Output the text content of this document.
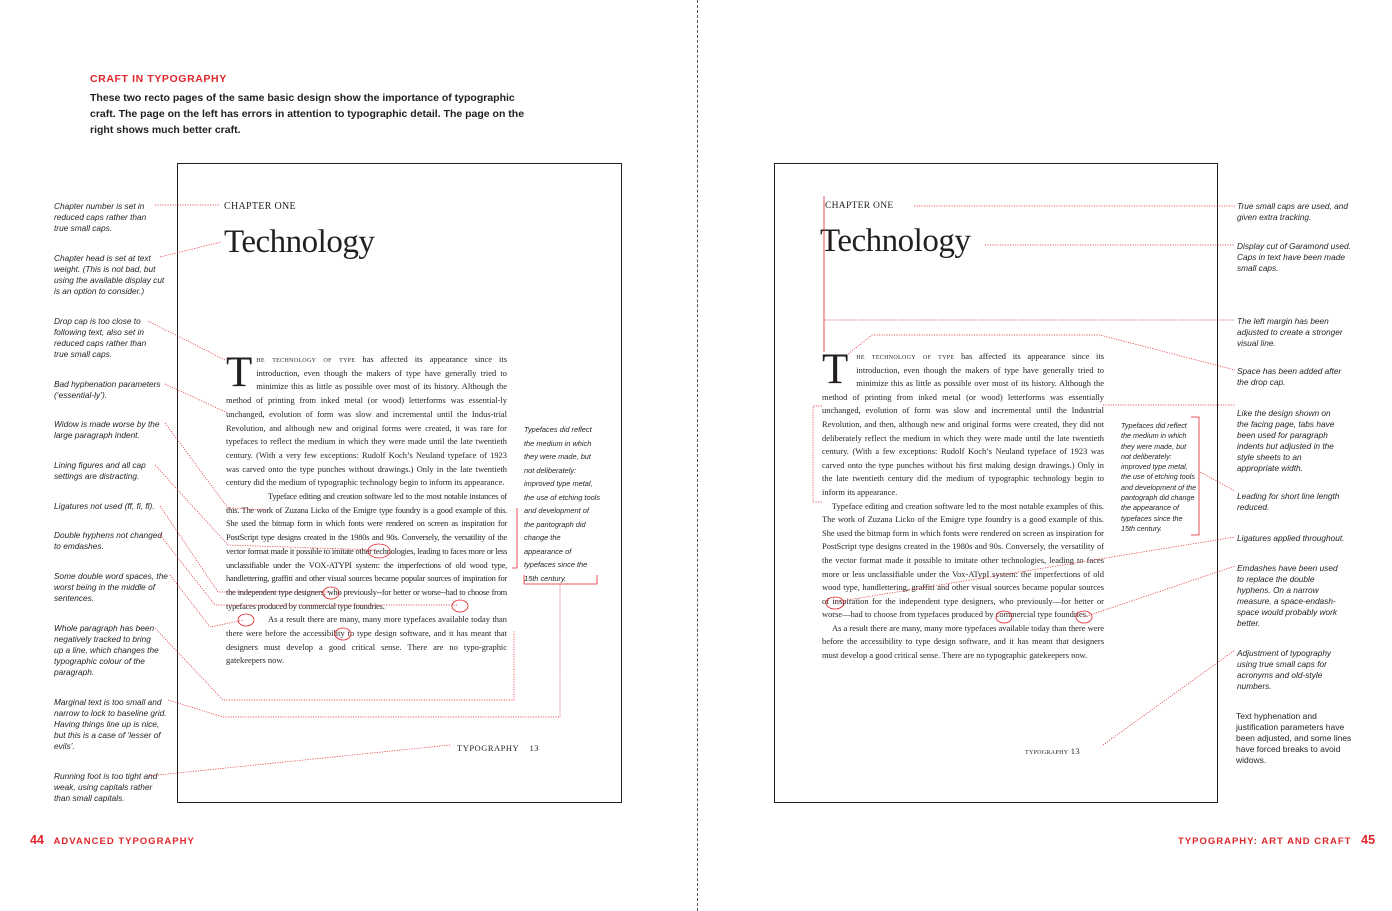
CRAFT IN TYPOGRAPHY
These two recto pages of the same basic design show the importance of typographic craft. The page on the left has errors in attention to typographic detail. The page on the right shows much better craft.
CHAPTER ONE
Technology

The technology of type has affected its appearance since its introduction, even though the makers of type have generally tried to minimize this as little as possible over most of its history. Although the method of printing from inked metal (or wood) letterforms was essential-ly unchanged, evolution of form was slow and incremental until the Indus-trial Revolution, and although new and original forms were created, it was rare for typefaces to reflect the medium in which they were made until the late twentieth century. (With a very few exceptions: Rudolf Koch’s Neuland typeface of 1923 was carved onto the type punches without drawings.) Only in the late twentieth century did the medium of typographic technology begin to inform its appearance.

Typeface editing and creation software led to the most notable instances of this. The work of Zuzana Licko of the Emigre type foundry is a good example of this. She used the bitmap form in which fonts were rendered on screen as inspiration for PostScript type designs created in the 1980s and 90s. Conversely, the versatility of the vector format made it possible to imitate other technologies, leading to faces more or less unclassifiable under the VOX-ATYPI system: the imperfections of old wood type, handlettering, graffiti and other visual sources became popular sources of inspiration for the independent type designers, who previously--for better or worse--had to choose from typefaces produced by commercial type foundries.

As a result there are many, many more typefaces available today than there were before the accessibility to type design software, and it has meant that designers must develop a good critical sense. There are no typo-graphic gatekeepers now.

Typefaces did reflect the medium in which they were made, but not deliberately: improved type metal, the use of etching tools and development of the pantograph did change the appearance of typefaces since the 15th century.
TYPOGRAPHY 13
CHAPTER ONE
Technology

The technology of type has affected its appearance since its introduction, even though the makers of type have generally tried to minimize this as little as possible over most of its history. Although the method of printing from inked metal (or wood) letterforms was essentially unchanged, evolution of form was slow and incremental until the Industrial Revolution, and then, although new and original forms were created, they did not deliberately reflect the medium in which they were made until the late twentieth century. (With a few exceptions: Rudolf Koch’s Neuland typeface of 1923 was carved onto the type punches without his first making design drawings.) Only in the late twentieth century did the medium of typographic technology begin to inform its appearance.

Typeface editing and creation software led to the most notable examples of this. The work of Zuzana Licko of the Emigre type foundry is a good example of this. She used the bitmap form in which fonts were rendered on screen as inspiration for PostScript type designs created in the 1980s and 90s. Conversely, the versatility of the vector format made it possible to imitate other technologies, leading to faces more or less unclassifiable under the Vox-ATypI system: the imperfections of old wood type, handlettering, graffiti and other visual sources became popular sources of inspiration for the independent type designers, who previously—for better or worse—had to choose from typefaces produced by commercial type foundries.

As a result there are many, many more typefaces available today than there were before the accessibility to type design software, and it has meant that designers must develop a good critical sense. There are no typographic gatekeepers now.

Typefaces did reflect the medium in which they were made, but not deliberately: improved type metal, the use of etching tools and development of the pantograph did change the appearance of typefaces since the 15th century.
typography 13
Chapter number is set in reduced caps rather than true small caps.
Chapter head is set at text weight. (This is not bad, but using the available display cut is an option to consider.)
Drop cap is too close to following text, also set in reduced caps rather than true small caps.
Bad hyphenation parameters (‘essential-ly’).
Widow is made worse by the large paragraph indent.
Lining figures and all cap settings are distracting.
Ligatures not used (ff, fi, fl).
Double hyphens not changed to emdashes.
Some double word spaces, the worst being in the middle of sentences.
Whole paragraph has been negatively tracked to bring up a line, which changes the typographic colour of the paragraph.
Marginal text is too small and narrow to lock to baseline grid. Having things line up is nice, but this is a case of ‘lesser of evils’.
Running foot is too tight and weak, using capitals rather than small capitals.
True small caps are used, and given extra tracking.
Display cut of Garamond used. Caps in text have been made small caps.
The left margin has been adjusted to create a stronger visual line.
Space has been added after the drop cap.
Like the design shown on the facing page, tabs have been used for paragraph indents but adjusted in the style sheets to an appropriate width.
Leading for short line length reduced.
Ligatures applied throughout.
Emdashes have been used to replace the double hyphens. On a narrow measure, a space-endash-space would probably work better.
Adjustment of typography using true small caps for acronyms and old-style numbers.
Text hyphenation and justification parameters have been adjusted, and some lines have forced breaks to avoid widows.
44 ADVANCED TYPOGRAPHY	TYPOGRAPHY: ART AND CRAFT 45
